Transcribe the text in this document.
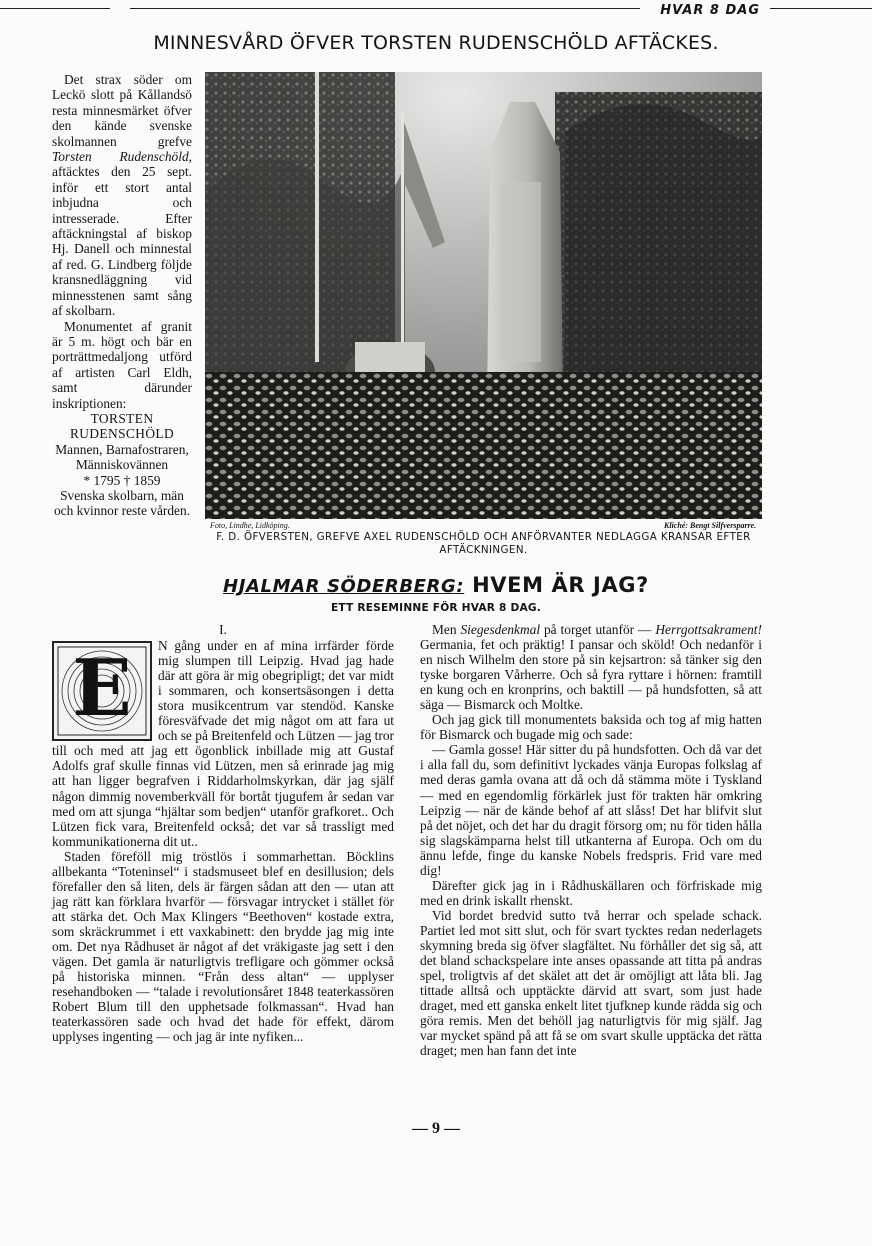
HVAR 8 DAG
MINNESVÅRD ÖFVER TORSTEN RUDENSCHÖLD AFTÄCKES.

Det strax söder om Leckö slott på Kållandsö resta minnesmärket öfver den kände svenske skolmannen grefve Torsten Rudenschöld, aftäcktes den 25 sept. inför ett stort antal inbjudna och intresserade. Efter aftäckningstal af biskop Hj. Danell och minnestal af red. G. Lindberg följde kransnedläggning vid minnesstenen samt sång af skolbarn.

Monumentet af granit är 5 m. högt och bär en porträttmedaljong utförd af artisten Carl Eldh, samt därunder inskriptionen:

TORSTEN

RUDENSCHÖLD

Mannen, Barnafostraren, Människovännen

* 1795 † 1859

Svenska skolbarn, män och kvinnor reste vården.

Foto, Lindhe, Lidköping.	Kliché: Bengt Silfversparre.
F. D. ÖFVERSTEN, GREFVE AXEL RUDENSCHÖLD OCH ANFÖRVANTER NEDLAGGA KRANSAR EFTER AFTÄCKNINGEN.
HJALMAR SÖDERBERG: HVEM ÄR JAG?
ETT RESEMINNE FÖR HVAR 8 DAG.
I.
E	N gång under en af mina irrfärder förde mig slumpen till Leipzig. Hvad jag hade där att göra är mig obegripligt; det var midt i sommaren, och konsertsäsongen i detta stora musikcentrum var stendöd. Kanske föresväfvade det mig något om att fara ut och se på Breitenfeld och Lützen — jag tror till och med att jag ett ögonblick inbillade mig att Gustaf Adolfs graf skulle finnas vid Lützen, men så erinrade jag mig att han ligger begrafven i Riddarholmskyrkan, där jag själf någon dimmig novemberkväll för bortåt tjugufem år sedan var med om att sjunga “hjältar som bedjen“ utanför grafkoret.. Och Lützen fick vara, Breitenfeld också; det var så trassligt med kommunikationerna dit ut..

Staden föreföll mig tröstlös i sommarhettan. Böcklins allbekanta “Toteninsel“ i stadsmuseet blef en desillusion; dels förefaller den så liten, dels är färgen sådan att den — utan att jag rätt kan förklara hvarför — försvagar intrycket i stället för att stärka det. Och Max Klingers “Beethoven“ kostade extra, som skräckrummet i ett vaxkabinett: den brydde jag mig inte om. Det nya Rådhuset är något af det vräkigaste jag sett i den vägen. Det gamla är naturligtvis trefligare och gömmer också på historiska minnen. “Från dess altan“ — upplyser resehandboken — “talade i revolutionsåret 1848 teaterkassören Robert Blum till den upphetsade folkmassan“. Hvad han teaterkassören sade och hvad det hade för effekt, därom upplyses ingenting — och jag är inte nyfiken...

Men Siegesdenkmal på torget utanför — Herrgottsakrament! Germania, fet och präktig! I pansar och sköld! Och nedanför i en nisch Wilhelm den store på sin kejsartron: så tänker sig den tyske borgaren Vårherre. Och så fyra ryttare i hörnen: framtill en kung och en kronprins, och baktill — på hundsfotten, så att säga — Bismarck och Moltke.

Och jag gick till monumentets baksida och tog af mig hatten för Bismarck och bugade mig och sade:

— Gamla gosse! Här sitter du på hundsfotten. Och då var det i alla fall du, som definitivt lyckades vänja Europas folkslag af med deras gamla ovana att då och då stämma möte i Tyskland — med en egendomlig förkärlek just för trakten här omkring Leipzig — när de kände behof af att slåss! Det har blifvit slut på det nöjet, och det har du dragit försorg om; nu för tiden hålla sig slagskämparna helst till utkanterna af Europa. Och om du ännu lefde, finge du kanske Nobels fredspris. Frid vare med dig!

Därefter gick jag in i Rådhuskällaren och förfriskade mig med en drink iskallt rhenskt.

Vid bordet bredvid sutto två herrar och spelade schack. Partiet led mot sitt slut, och för svart tycktes redan nederlagets skymning breda sig öfver slagfältet. Nu förhåller det sig så, att det bland schackspelare inte anses opassande att titta på andras spel, troligtvis af det skälet att det är omöjligt att låta bli. Jag tittade alltså och upptäckte därvid att svart, som just hade draget, med ett ganska enkelt litet tjufknep kunde rädda sig och göra remis. Men det behöll jag naturligtvis för mig själf. Jag var mycket spänd på att få se om svart skulle upptäcka det rätta draget; men han fann det inte

— 9 —
